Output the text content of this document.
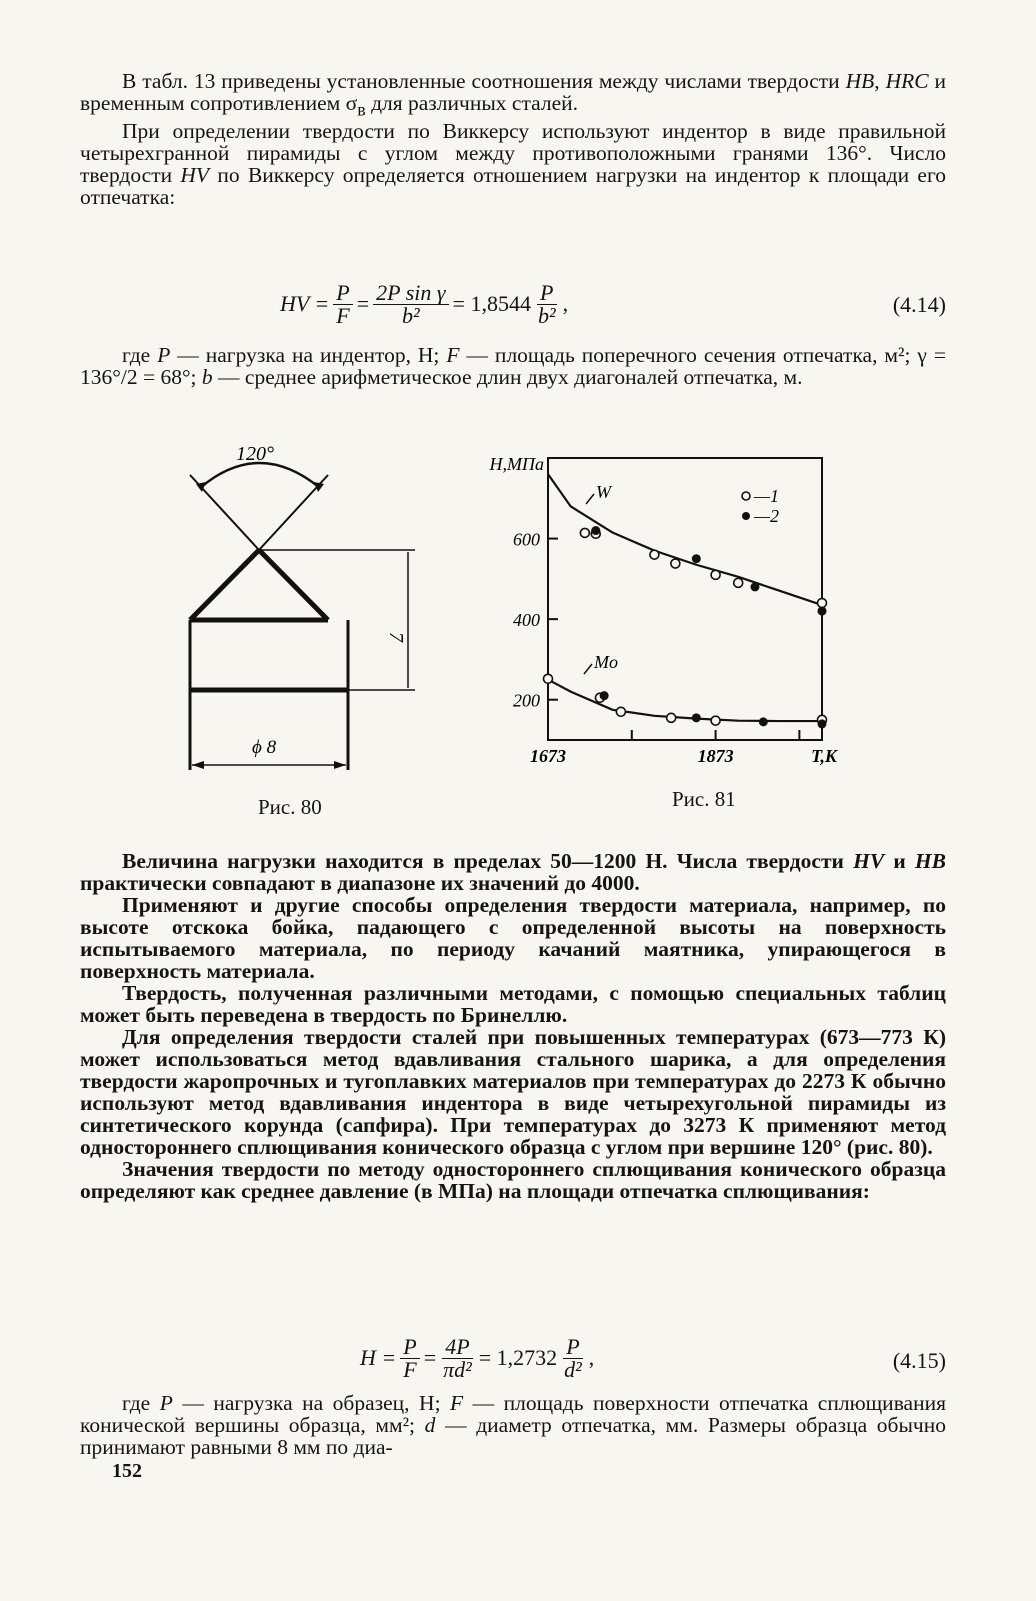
В табл. 13 приведены установленные соотношения между числами твердости HB, HRC и временным сопротивлением $\sigma_в$ для различных сталей.

При определении твердости по Виккерсу используют индентор в виде правильной четырехгранной пирамиды с углом между противоположными гранями 136°. Число твердости HV по Виккерсу определяется отношением нагрузки на индентор к площади его отпечатка:

HV = $\frac{P}{F} = \frac{\text{2P sin γ}}{\text{b²}} = 1,8544 \frac{P}{\text{b²}}$ ,	(4.14)

где P — нагрузка на индентор, Н; F — площадь поперечного сечения отпечатка, м²; γ = 136°/2 = 68°; b — среднее арифметическое длин двух диагоналей отпечатка, м.

120°
7
ϕ 8
Рис. 80
200
400
600
1673	1873
H,МПа
T,K
W
Mo
—1
—2
Рис. 81

Величина нагрузки находится в пределах 50—1200 Н. Числа твердости HV и HB практически совпадают в диапазоне их значений до 4000.

Применяют и другие способы определения твердости материала, например, по высоте отскока бойка, падающего с определенной высоты на поверхность испытываемого материала, по периоду качаний маятника, упирающегося в поверхность материала.

Твердость, полученная различными методами, с помощью специальных таблиц может быть переведена в твердость по Бринеллю.

Для определения твердости сталей при повышенных температурах (673—773 К) может использоваться метод вдавливания стального шарика, а для определения твердости жаропрочных и тугоплавких материалов при температурах до 2273 К обычно используют метод вдавливания индентора в виде четырехугольной пирамиды из синтетического корунда (сапфира). При температурах до 3273 К применяют метод одностороннего сплющивания конического образца с углом при вершине 120° (рис. 80).

Значения твердости по методу одностороннего сплющивания конического образца определяют как среднее давление (в МПа) на площади отпечатка сплющивания:

$H = \frac{P}{F} = \frac{4P}{\text{πd²}} = 1,2732 \frac{P}{\text{d²}}$ ,	(4.15)

где P — нагрузка на образец, Н; F — площадь поверхности отпечатка сплющивания конической вершины образца, мм²; d — диаметр отпечатка, мм. Размеры образца обычно принимают равными 8 мм по диа-

152
